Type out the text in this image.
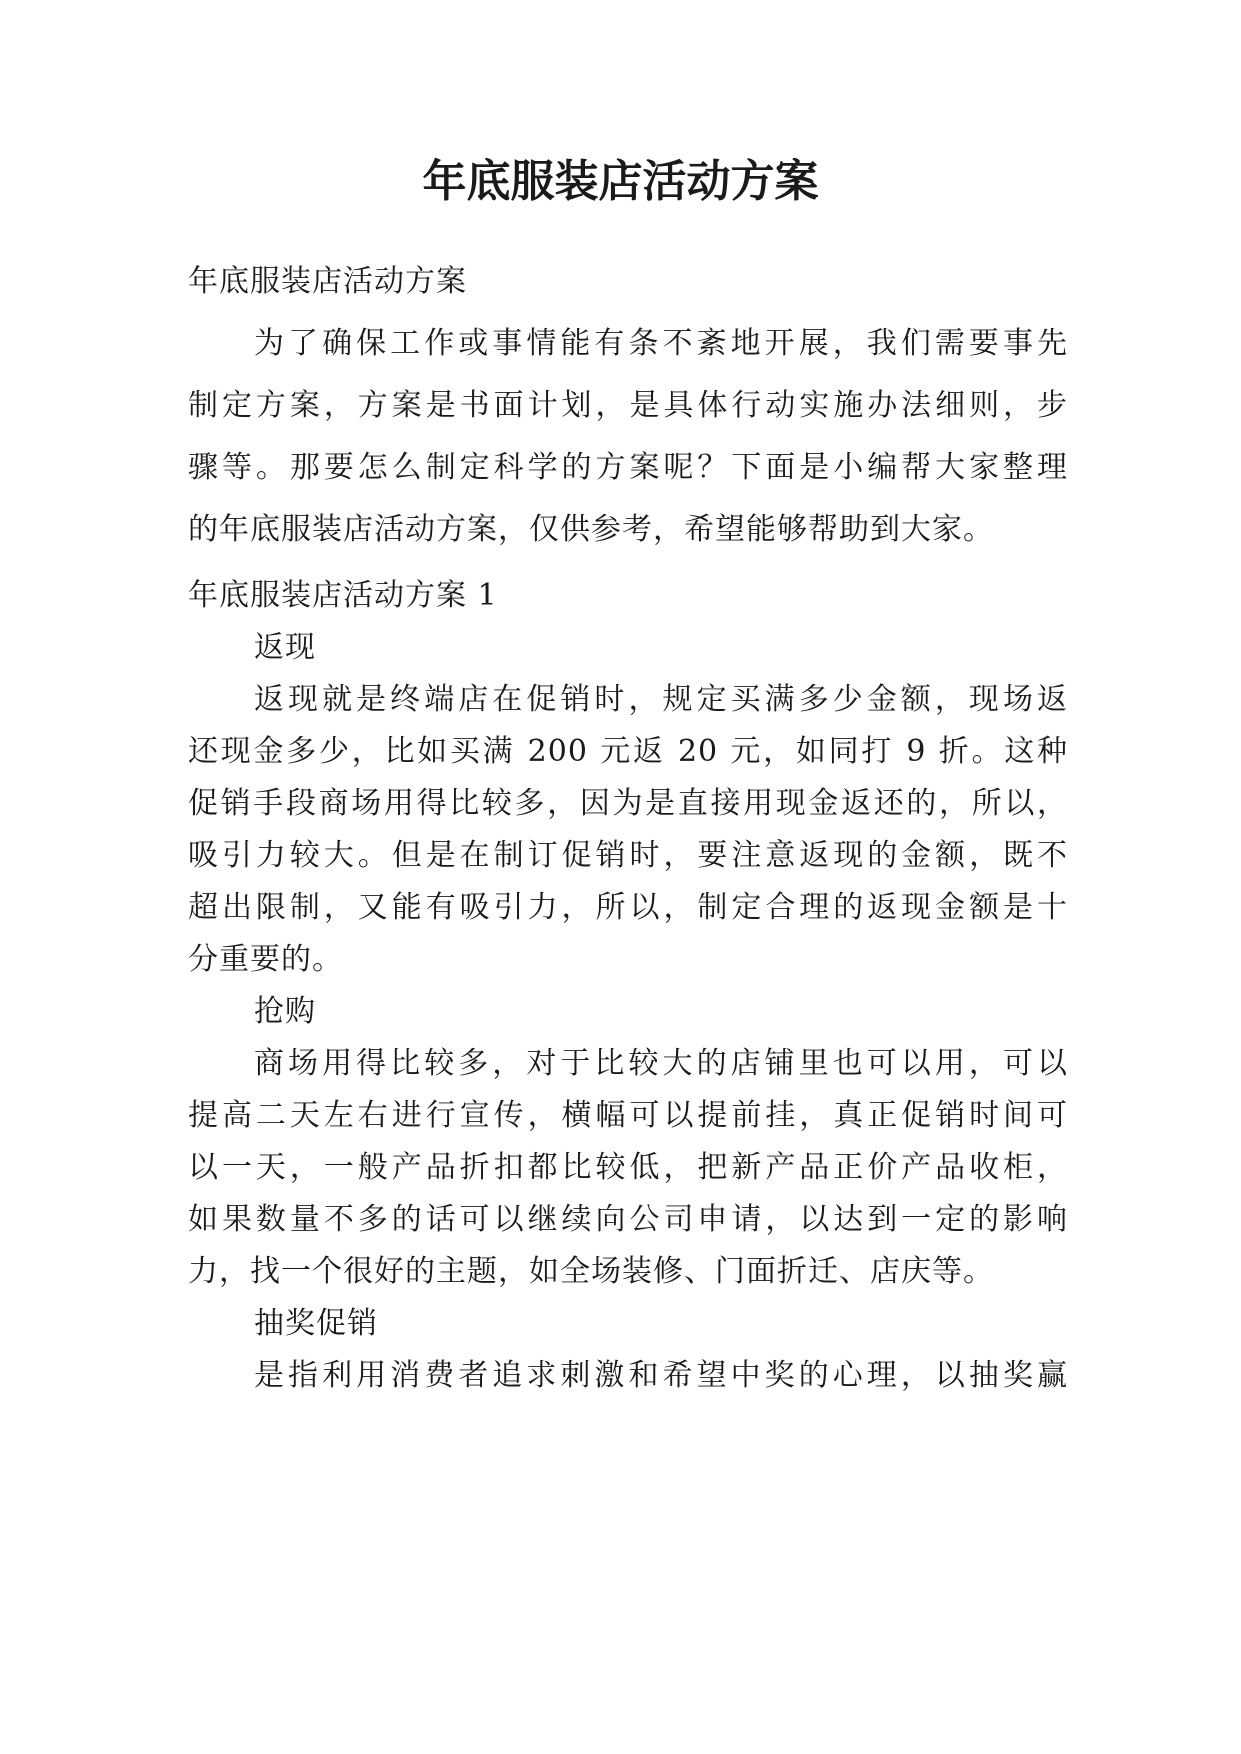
年底服装店活动方案

年底服装店活动方案

为了确保工作或事情能有条不紊地开展，我们需要事先

制定方案，方案是书面计划，是具体行动实施办法细则，步

骤等。那要怎么制定科学的方案呢？下面是小编帮大家整理

的年底服装店活动方案，仅供参考，希望能够帮助到大家。

年底服装店活动方案 1

返现

返现就是终端店在促销时，规定买满多少金额，现场返

还现金多少，比如买满 200 元返 20 元，如同打 9 折。这种

促销手段商场用得比较多，因为是直接用现金返还的，所以，

吸引力较大。但是在制订促销时，要注意返现的金额，既不

超出限制，又能有吸引力，所以，制定合理的返现金额是十

分重要的。

抢购

商场用得比较多，对于比较大的店铺里也可以用，可以

提高二天左右进行宣传，横幅可以提前挂，真正促销时间可

以一天，一般产品折扣都比较低，把新产品正价产品收柜，

如果数量不多的话可以继续向公司申请，以达到一定的影响

力，找一个很好的主题，如全场装修、门面折迁、店庆等。

抽奖促销

是指利用消费者追求刺激和希望中奖的心理，以抽奖赢
